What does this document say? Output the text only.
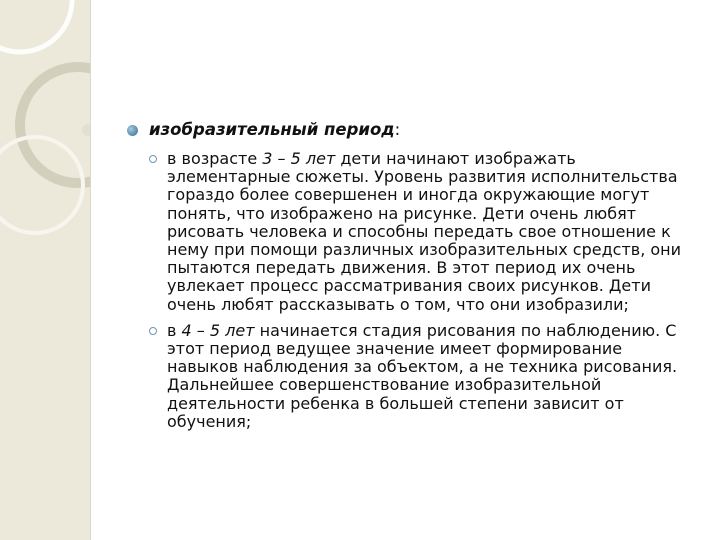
изобразительный период:
в возрасте 3 – 5 лет дети начинают изображать элементарные сюжеты. Уровень развития исполнительства гораздо более совершенен и иногда окружающие могут понять, что изображено на рисунке. Дети очень любят рисовать человека и способны передать свое отношение к нему при помощи различных изобразительных средств, они пытаются передать движения. В этот период их очень увлекает процесс рассматривания своих рисунков. Дети очень любят рассказывать о том, что они изобразили;
в 4 – 5 лет начинается стадия рисования по наблюдению. С этот период ведущее значение имеет формирование навыков наблюдения за объектом, а не техника рисования. Дальнейшее совершенствование изобразительной деятельности ребенка в большей степени зависит от обучения;
